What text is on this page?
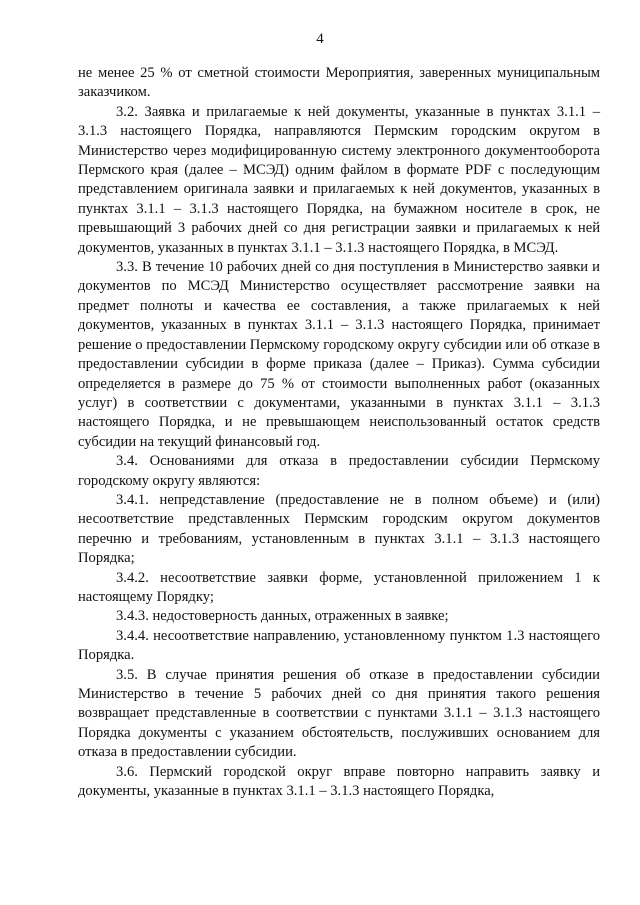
4

не менее 25 % от сметной стоимости Мероприятия, заверенных муниципальным заказчиком.

3.2. Заявка и прилагаемые к ней документы, указанные в пунктах 3.1.1 – 3.1.3 настоящего Порядка, направляются Пермским городским округом в Министерство через модифицированную систему электронного документооборота Пермского края (далее – МСЭД) одним файлом в формате PDF с последующим представлением оригинала заявки и прилагаемых к ней документов, указанных в пунктах 3.1.1 – 3.1.3 настоящего Порядка, на бумажном носителе в срок, не превышающий 3 рабочих дней со дня регистрации заявки и прилагаемых к ней документов, указанных в пунктах 3.1.1 – 3.1.3 настоящего Порядка, в МСЭД.

3.3. В течение 10 рабочих дней со дня поступления в Министерство заявки и документов по МСЭД Министерство осуществляет рассмотрение заявки на предмет полноты и качества ее составления, а также прилагаемых к ней документов, указанных в пунктах 3.1.1 – 3.1.3 настоящего Порядка, принимает решение о предоставлении Пермскому городскому округу субсидии или об отказе в предоставлении субсидии в форме приказа (далее – Приказ). Сумма субсидии определяется в размере до 75 % от стоимости выполненных работ (оказанных услуг) в соответствии с документами, указанными в пунктах 3.1.1 – 3.1.3 настоящего Порядка, и не превышающем неиспользованный остаток средств субсидии на текущий финансовый год.

3.4. Основаниями для отказа в предоставлении субсидии Пермскому городскому округу являются:

3.4.1. непредставление (предоставление не в полном объеме) и (или) несоответствие представленных Пермским городским округом документов перечню и требованиям, установленным в пунктах 3.1.1 – 3.1.3 настоящего Порядка;

3.4.2. несоответствие заявки форме, установленной приложением 1 к настоящему Порядку;

3.4.3. недостоверность данных, отраженных в заявке;

3.4.4. несоответствие направлению, установленному пунктом 1.3 настоящего Порядка.

3.5. В случае принятия решения об отказе в предоставлении субсидии Министерство в течение 5 рабочих дней со дня принятия такого решения возвращает представленные в соответствии с пунктами 3.1.1 – 3.1.3 настоящего Порядка документы с указанием обстоятельств, послуживших основанием для отказа в предоставлении субсидии.

3.6. Пермский городской округ вправе повторно направить заявку и документы, указанные в пунктах 3.1.1 – 3.1.3 настоящего Порядка,
